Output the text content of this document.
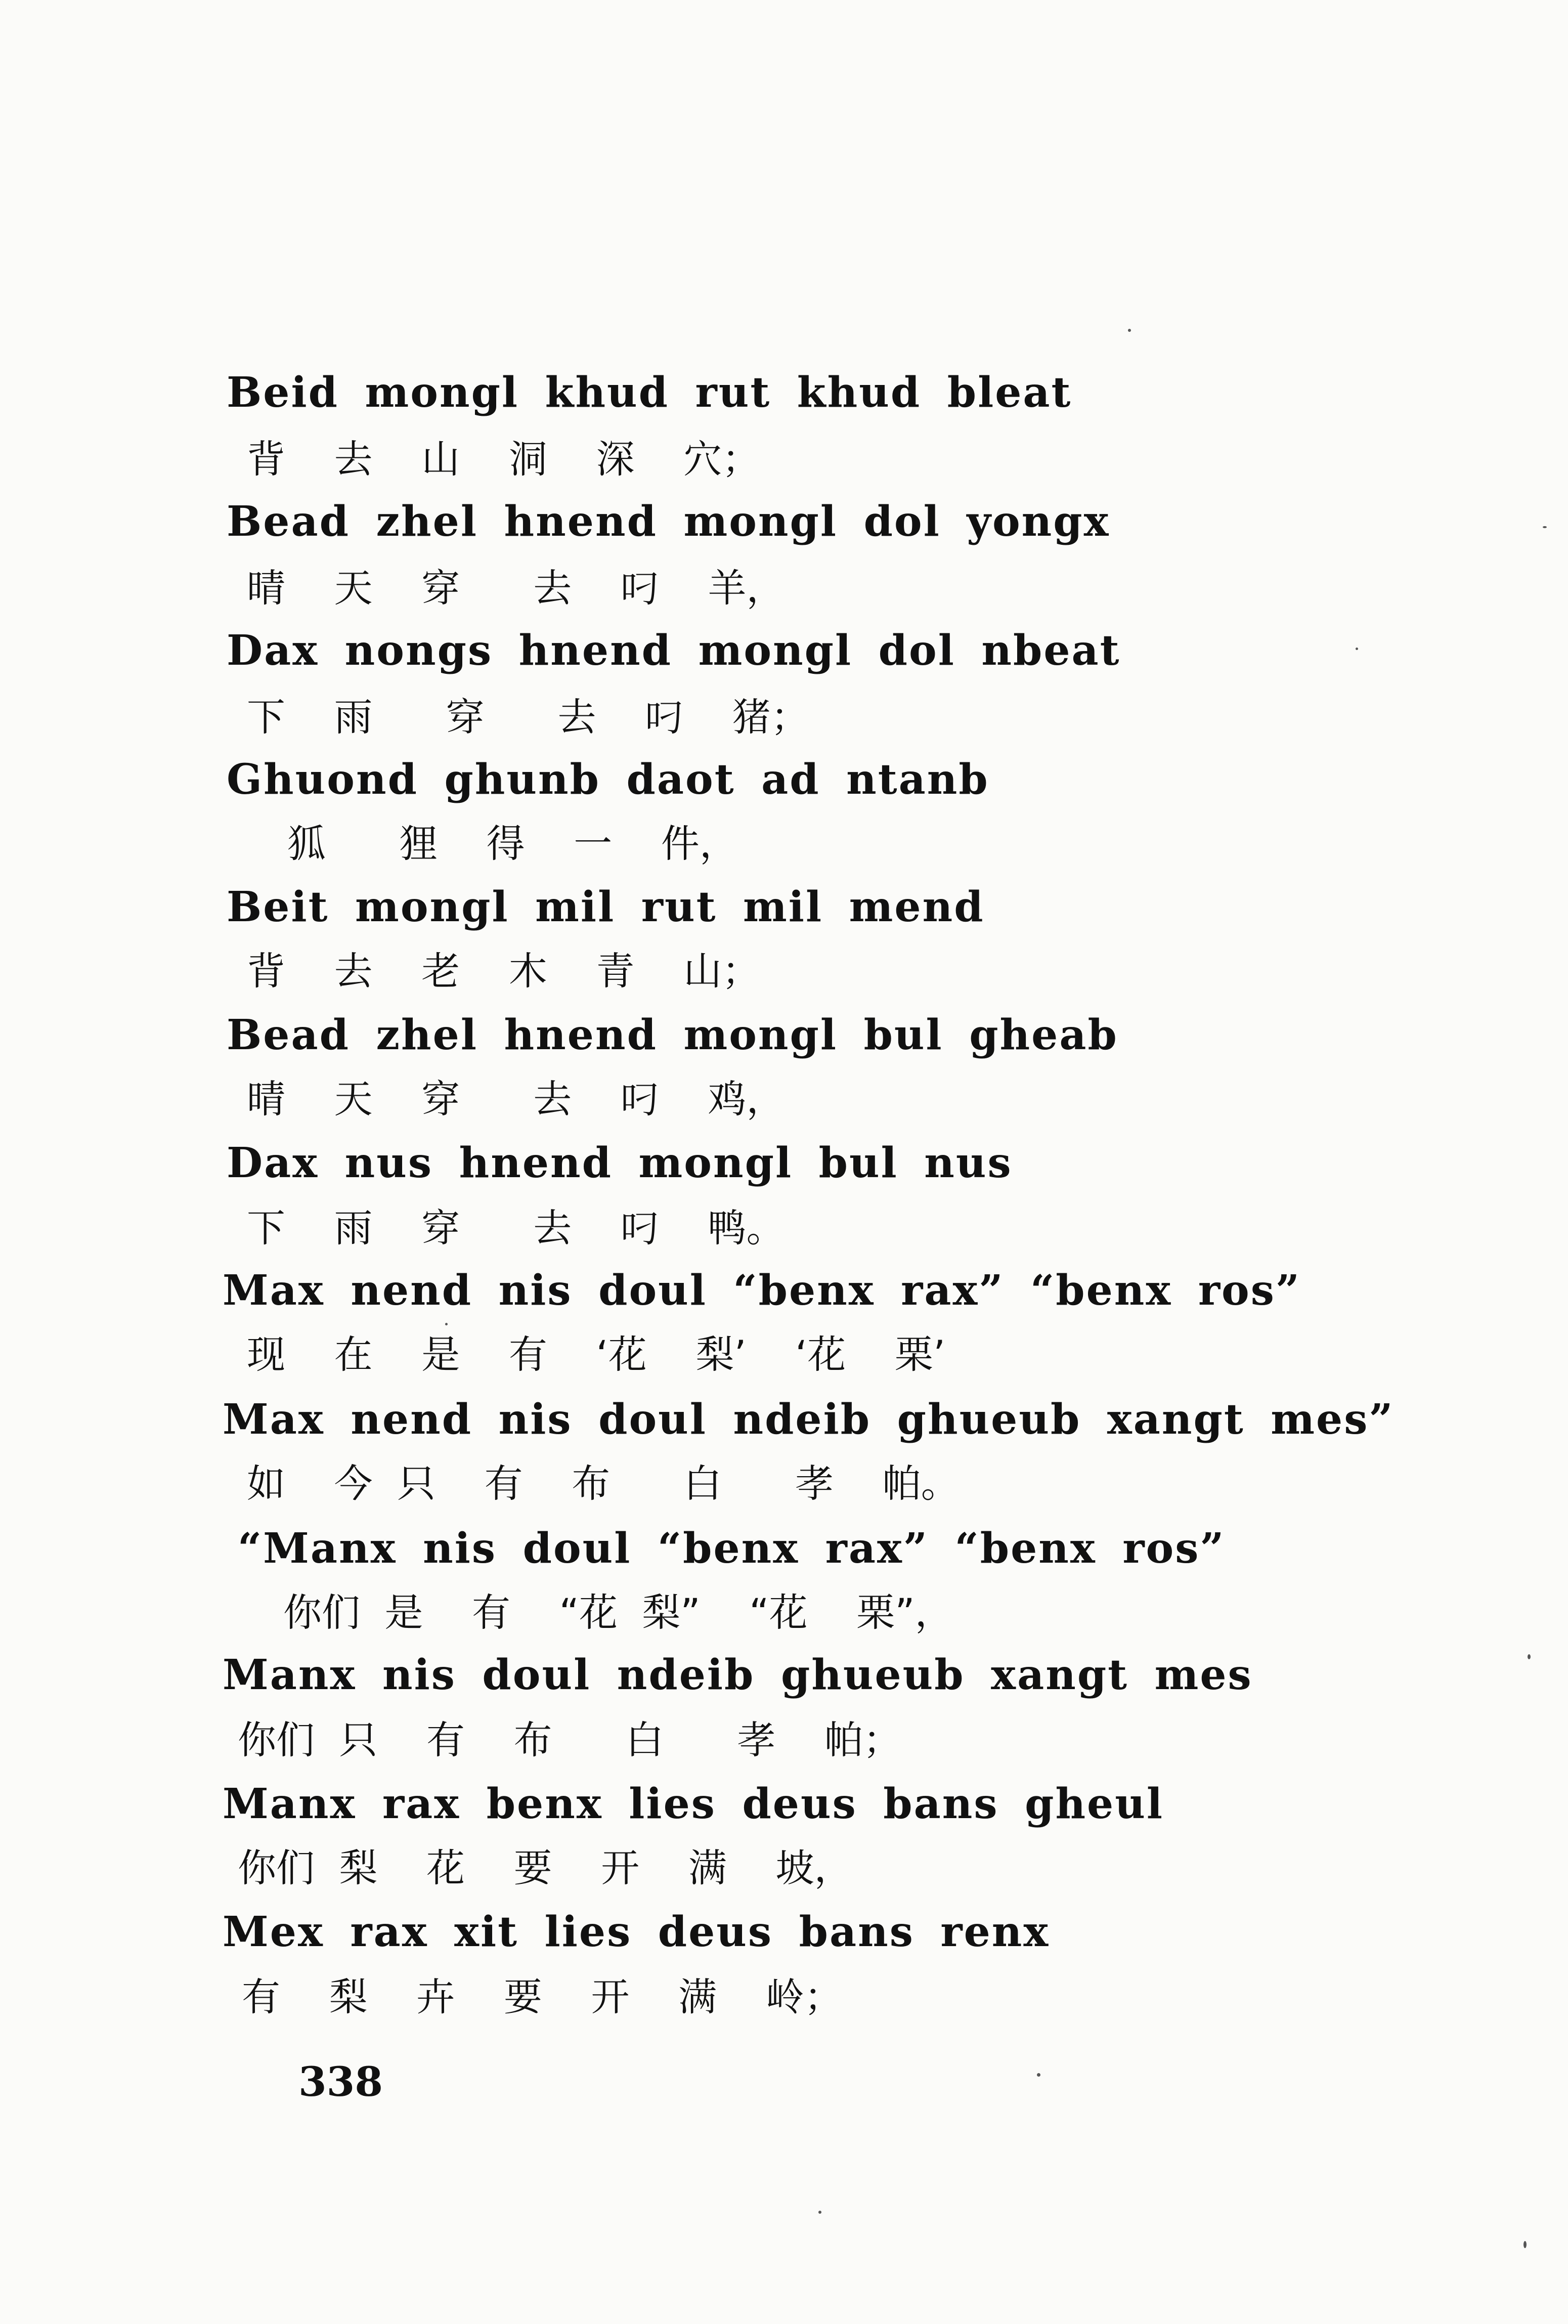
Beid mongl khud rut khud bleat
背    去    山    洞    深    穴；
Bead zhel hnend mongl dol yongx
晴    天    穿      去    叼    羊，
Dax nongs hnend mongl dol nbeat
下    雨      穿      去    叼    猪；
Ghuond ghunb daot ad ntanb
狐      狸    得    一    件，
Beit mongl mil rut mil mend
背    去    老    木    青    山；
Bead zhel hnend mongl bul gheab
晴    天    穿      去    叼    鸡，
Dax nus hnend mongl bul nus
下    雨    穿      去    叼    鸭。
Max nend nis doul “benx rax” “benx ros”
现    在    是    有    ‘花    梨’    ‘花    栗’
Max nend nis doul ndeib ghueub xangt mes”
如    今  只    有    布      白      孝    帕。
“Manx nis doul “benx rax” “benx ros”
你们  是    有    “花  梨”    “花    栗”，
Manx nis doul ndeib ghueub xangt mes
你们  只    有    布      白      孝    帕；
Manx rax benx lies deus bans gheul
你们  梨    花    要    开    满    坡，
Mex rax xit lies deus bans renx
有    梨    卉    要    开    满    岭；
338
